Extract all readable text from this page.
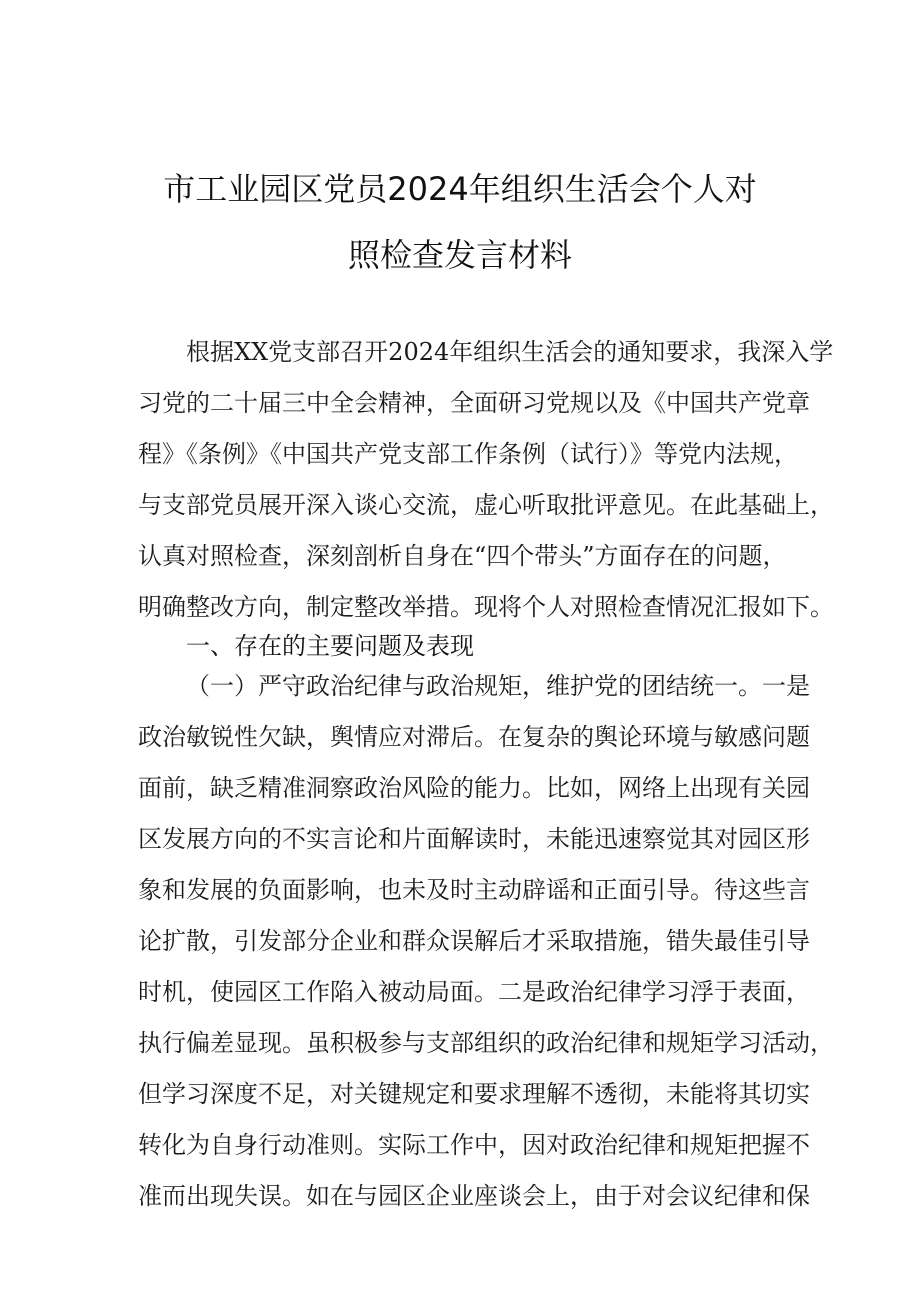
市工业园区党员2024年组织生活会个人对
照检查发言材料
根据XX党支部召开2024年组织生活会的通知要求，我深入学
习党的二十届三中全会精神，全面研习党规以及《中国共产党章
程》《条例》《中国共产党支部工作条例（试行）》等党内法规，
与支部党员展开深入谈心交流，虚心听取批评意见。在此基础上，
认真对照检查，深刻剖析自身在“四个带头”方面存在的问题，
明确整改方向，制定整改举措。现将个人对照检查情况汇报如下。
一、存在的主要问题及表现
（一）严守政治纪律与政治规矩，维护党的团结统一。一是
政治敏锐性欠缺，舆情应对滞后。在复杂的舆论环境与敏感问题
面前，缺乏精准洞察政治风险的能力。比如，网络上出现有关园
区发展方向的不实言论和片面解读时，未能迅速察觉其对园区形
象和发展的负面影响，也未及时主动辟谣和正面引导。待这些言
论扩散，引发部分企业和群众误解后才采取措施，错失最佳引导
时机，使园区工作陷入被动局面。二是政治纪律学习浮于表面，
执行偏差显现。虽积极参与支部组织的政治纪律和规矩学习活动，
但学习深度不足，对关键规定和要求理解不透彻，未能将其切实
转化为自身行动准则。实际工作中，因对政治纪律和规矩把握不
准而出现失误。如在与园区企业座谈会上，由于对会议纪律和保
